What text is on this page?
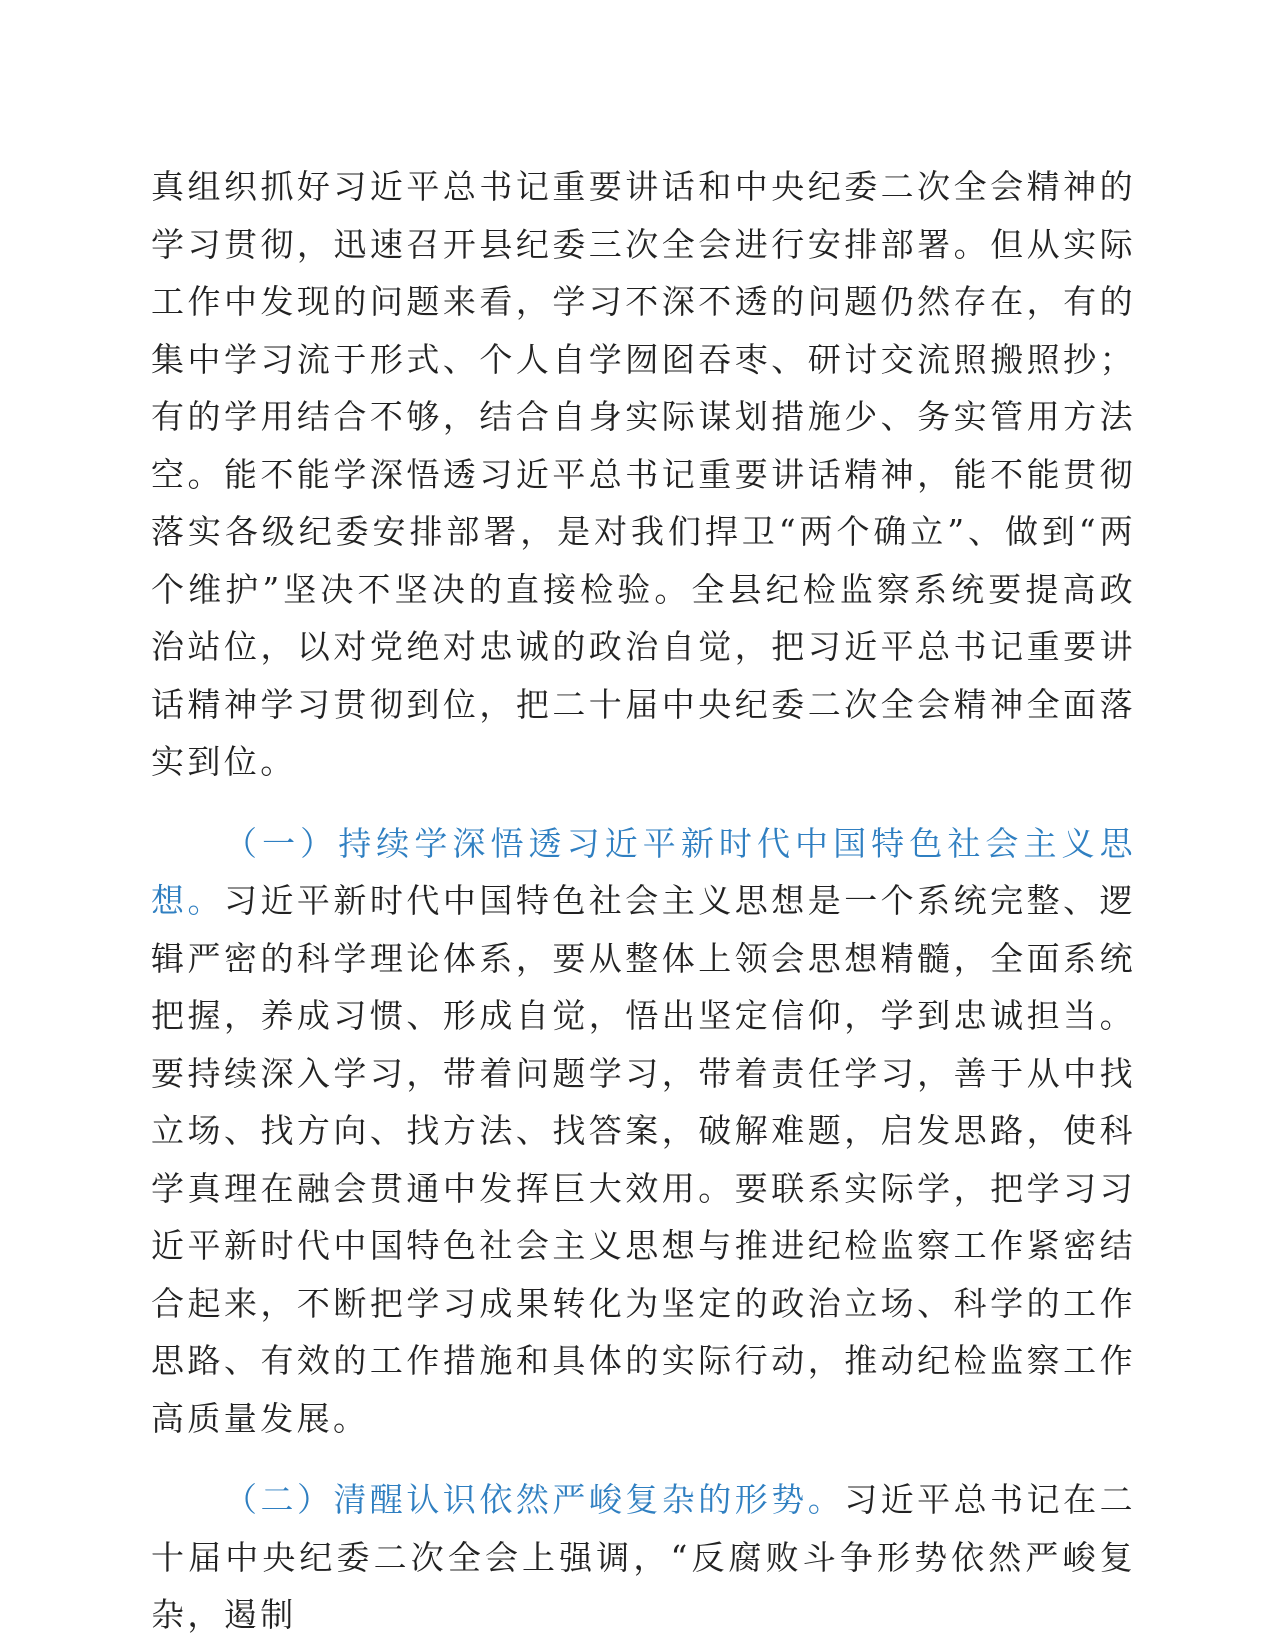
真组织抓好习近平总书记重要讲话和中央纪委二次全会精神的学习贯彻，迅速召开县纪委三次全会进行安排部署。但从实际工作中发现的问题来看，学习不深不透的问题仍然存在，有的集中学习流于形式、个人自学囫囵吞枣、研讨交流照搬照抄；有的学用结合不够，结合自身实际谋划措施少、务实管用方法空。能不能学深悟透习近平总书记重要讲话精神，能不能贯彻落实各级纪委安排部署，是对我们捍卫“两个确立”、做到“两个维护”坚决不坚决的直接检验。全县纪检监察系统要提高政治站位，以对党绝对忠诚的政治自觉，把习近平总书记重要讲话精神学习贯彻到位，把二十届中央纪委二次全会精神全面落实到位。

（一）持续学深悟透习近平新时代中国特色社会主义思想。习近平新时代中国特色社会主义思想是一个系统完整、逻辑严密的科学理论体系，要从整体上领会思想精髓，全面系统把握，养成习惯、形成自觉，悟出坚定信仰，学到忠诚担当。要持续深入学习，带着问题学习，带着责任学习，善于从中找立场、找方向、找方法、找答案，破解难题，启发思路，使科学真理在融会贯通中发挥巨大效用。要联系实际学，把学习习近平新时代中国特色社会主义思想与推进纪检监察工作紧密结合起来，不断把学习成果转化为坚定的政治立场、科学的工作思路、有效的工作措施和具体的实际行动，推动纪检监察工作高质量发展。

（二）清醒认识依然严峻复杂的形势。习近平总书记在二十届中央纪委二次全会上强调，“反腐败斗争形势依然严峻复杂，遏制
